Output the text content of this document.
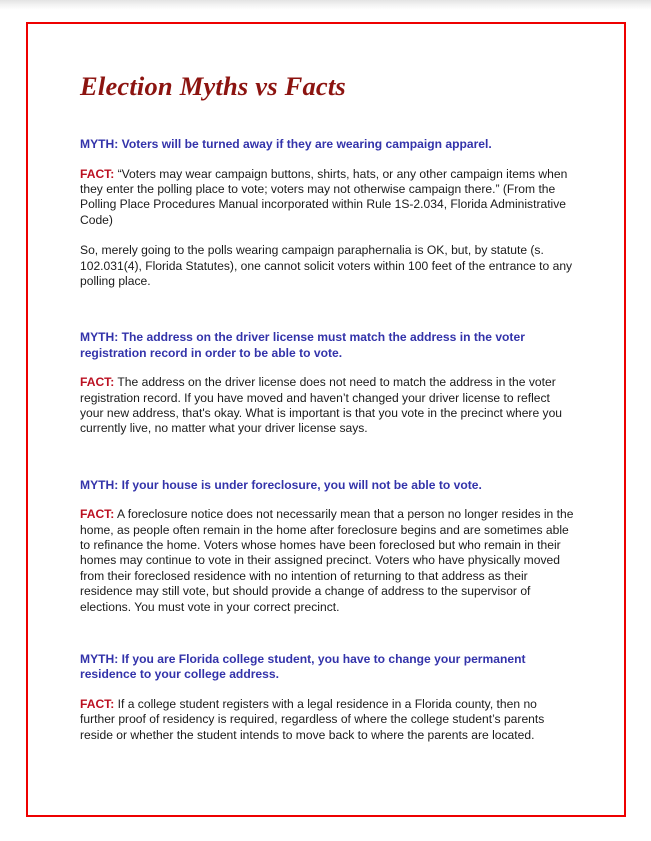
Election Myths vs Facts

MYTH: Voters will be turned away if they are wearing campaign apparel.

FACT: “Voters may wear campaign buttons, shirts, hats, or any other campaign items when they enter the polling place to vote; voters may not otherwise campaign there.” (From the Polling Place Procedures Manual incorporated within Rule 1S-2.034, Florida Administrative Code)

So, merely going to the polls wearing campaign paraphernalia is OK, but, by statute (s. 102.031(4), Florida Statutes), one cannot solicit voters within 100 feet of the entrance to any polling place.

MYTH: The address on the driver license must match the address in the voter registration record in order to be able to vote.

FACT: The address on the driver license does not need to match the address in the voter registration record. If you have moved and haven’t changed your driver license to reflect your new address, that's okay. What is important is that you vote in the precinct where you currently live, no matter what your driver license says.

MYTH: If your house is under foreclosure, you will not be able to vote.

FACT: A foreclosure notice does not necessarily mean that a person no longer resides in the home, as people often remain in the home after foreclosure begins and are sometimes able to refinance the home. Voters whose homes have been foreclosed but who remain in their homes may continue to vote in their assigned precinct. Voters who have physically moved from their foreclosed residence with no intention of returning to that address as their residence may still vote, but should provide a change of address to the supervisor of elections. You must vote in your correct precinct.

MYTH: If you are Florida college student, you have to change your permanent residence to your college address.

FACT: If a college student registers with a legal residence in a Florida county, then no further proof of residency is required, regardless of where the college student’s parents reside or whether the student intends to move back to where the parents are located.
